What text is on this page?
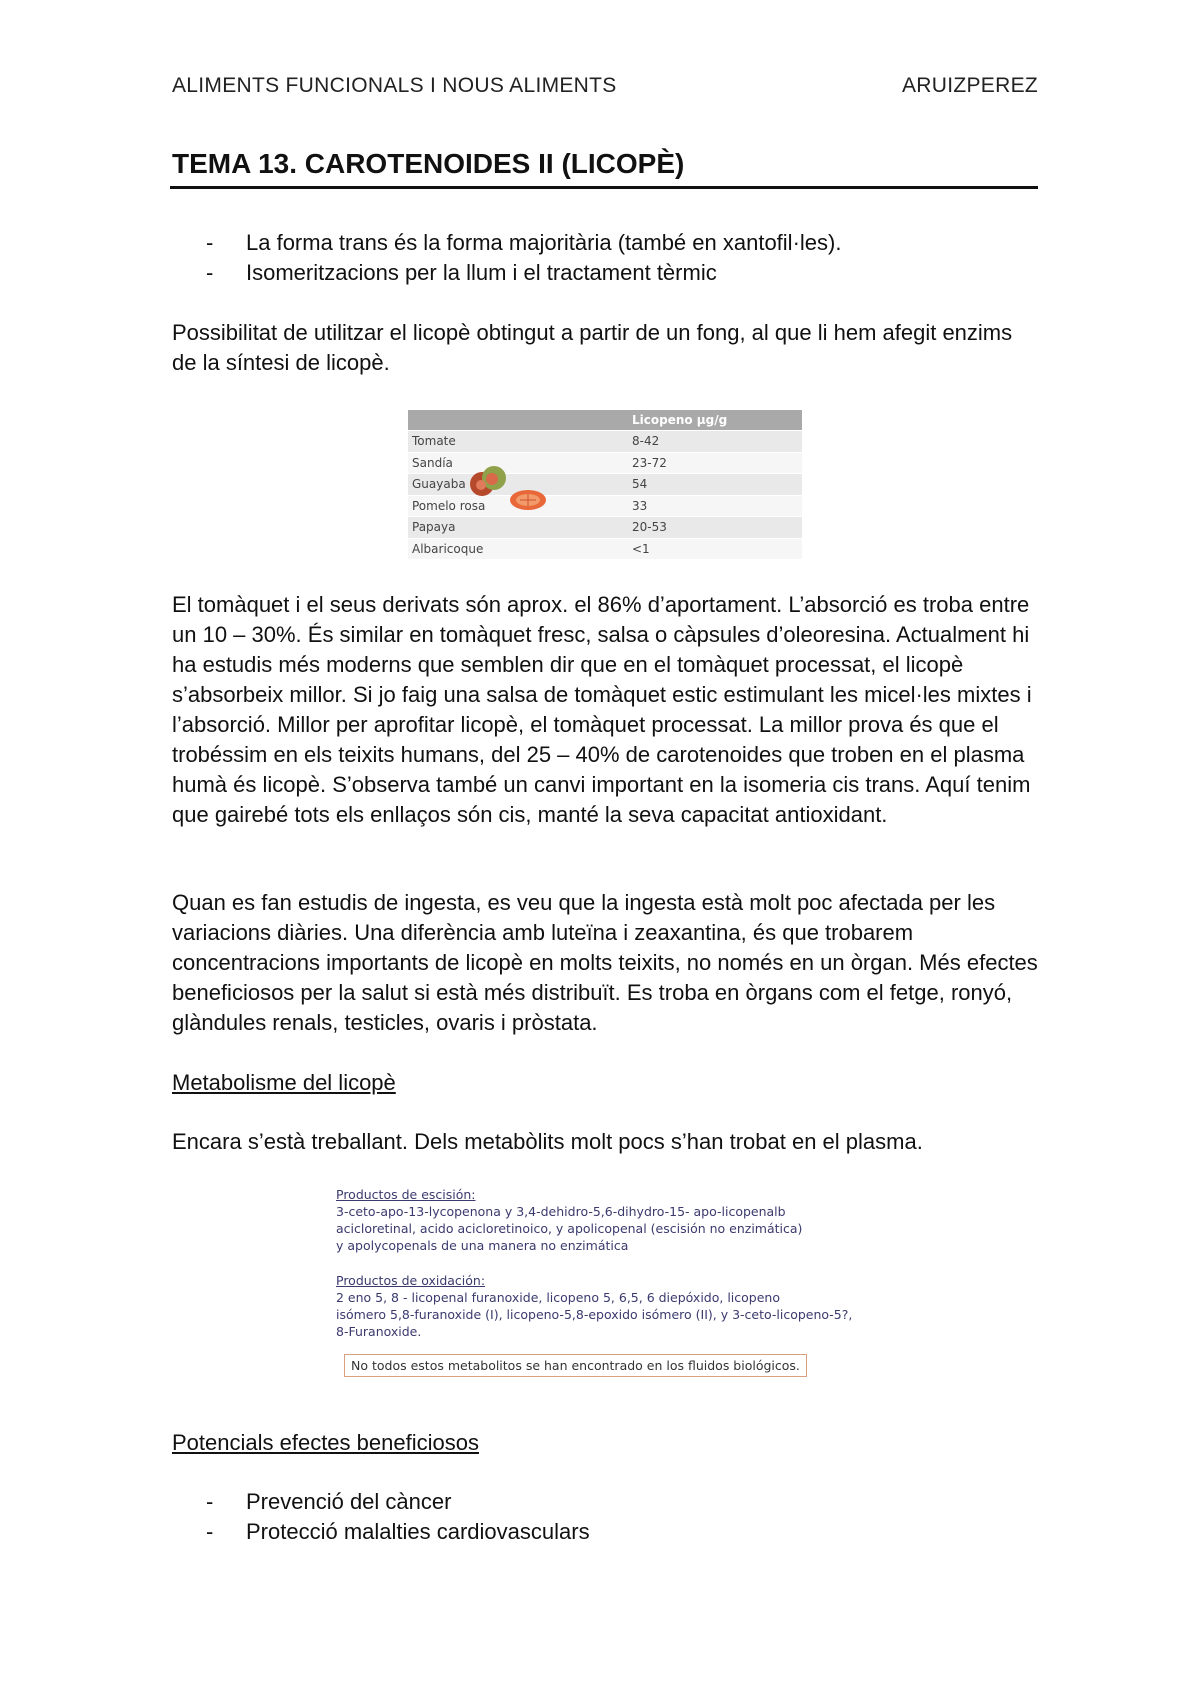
ALIMENTS FUNCIONALS I NOUS ALIMENTS	ARUIZPEREZ
TEMA 13. CAROTENOIDES II (LICOPÈ)
- La forma trans és la forma majoritària (també en xantofil·les).
- Isomeritzacions per la llum i el tractament tèrmic

Possibilitat de utilitzar el licopè obtingut a partir de un fong, al que li hem afegit enzims de la síntesi de licopè.

	Licopeno µg/g
Tomate	8-42
Sandía	23-72
Guayaba	54
Pomelo rosa	33
Papaya	20-53
Albaricoque	<1

El tomàquet i el seus derivats són aprox. el 86% d’aportament. L’absorció es troba entre un 10 – 30%. És similar en tomàquet fresc, salsa o càpsules d’oleoresina. Actualment hi ha estudis més moderns que semblen dir que en el tomàquet processat, el licopè s’absorbeix millor. Si jo faig una salsa de tomàquet estic estimulant les micel·les mixtes i l’absorció. Millor per aprofitar licopè, el tomàquet processat. La millor prova és que el trobéssim en els teixits humans, del 25 – 40% de carotenoides que troben en el plasma humà és licopè. S’observa també un canvi important en la isomeria cis trans. Aquí tenim que gairebé tots els enllaços són cis, manté la seva capacitat antioxidant.

Quan es fan estudis de ingesta, es veu que la ingesta està molt poc afectada per les variacions diàries. Una diferència amb luteïna i zeaxantina, és que trobarem concentracions importants de licopè en molts teixits, no només en un òrgan. Més efectes beneficiosos per la salut si està més distribuït. Es troba en òrgans com el fetge, ronyó, glàndules renals, testicles, ovaris i pròstata.

Metabolisme del licopè

Encara s’està treballant. Dels metabòlits molt pocs s’han trobat en el plasma.

Productos de escisión:
3-ceto-apo-13-lycopenona y 3,4-dehidro-5,6-dihydro-15- apo-licopenalb
acicloretinal, acido acicloretinoico, y apolicopenal (escisión no enzimática)
y apolycopenals de una manera no enzimática
Productos de oxidación:
2 eno 5, 8 - licopenal furanoxide, licopeno 5, 6,5, 6 diepóxido, licopeno
isómero 5,8-furanoxide (I), licopeno-5,8-epoxido isómero (II), y 3-ceto-licopeno-5?,
8-Furanoxide.
No todos estos metabolitos se han encontrado en los fluidos biológicos.

Potencials efectes beneficiosos

- Prevenció del càncer
- Protecció malalties cardiovasculars
